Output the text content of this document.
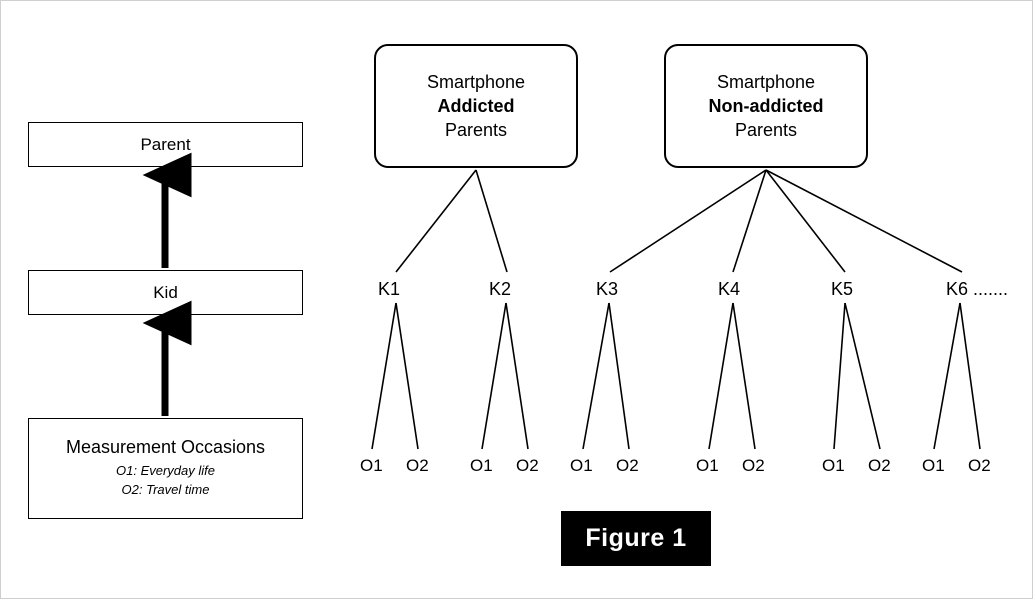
Parent
Kid
Measurement Occasions
O1: Everyday life
O2: Travel time
Smartphone
Addicted
Parents
Smartphone
Non-addicted
Parents
K1	K2	K3	K4	K5	K6 .......
O1 O2 O1 O2 O1 O2	O1 O2	O1 O2 O1 O2
Figure 1
